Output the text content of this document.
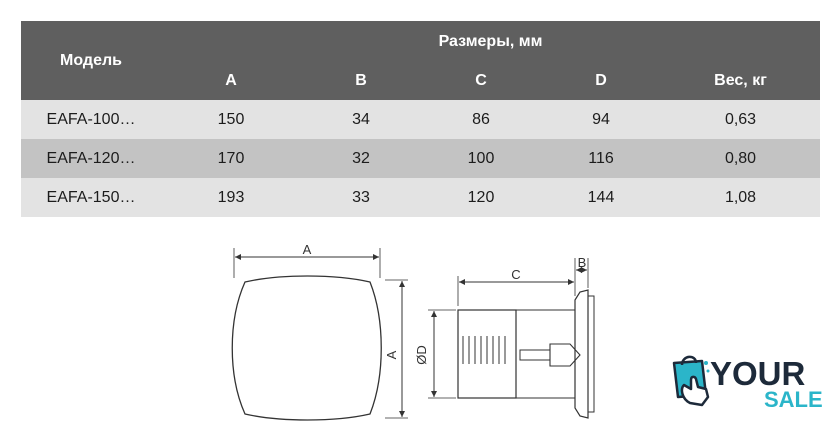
Модель	Размеры, мм				
	A	B	C	D	Вес, кг
EAFA-100…	150	34	86	94	0,63
EAFA-120…	170	32	100	116	0,80
EAFA-150…	193	33	120	144	1,08
A
A
C
B
ØD	YOUR
SALE
